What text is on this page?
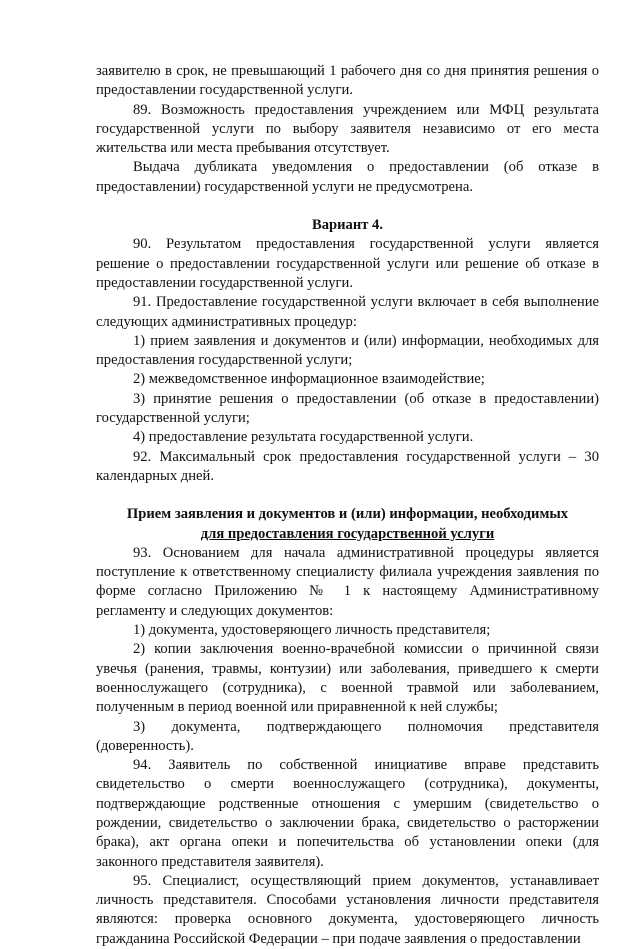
заявителю в срок, не превышающий 1 рабочего дня со дня принятия решения о предоставлении государственной услуги.

89. Возможность предоставления учреждением или МФЦ результата государственной услуги по выбору заявителя независимо от его места жительства или места пребывания отсутствует.

Выдача дубликата уведомления о предоставлении (об отказе в предоставлении) государственной услуги не предусмотрена.

Вариант 4.

90. Результатом предоставления государственной услуги является решение о предоставлении государственной услуги или решение об отказе в предоставлении государственной услуги.

91. Предоставление государственной услуги включает в себя выполнение следующих административных процедур:

1) прием заявления и документов и (или) информации, необходимых для предоставления государственной услуги;

2) межведомственное информационное взаимодействие;

3) принятие решения о предоставлении (об отказе в предоставлении) государственной услуги;

4) предоставление результата государственной услуги.

92. Максимальный срок предоставления государственной услуги – 30 календарных дней.

Прием заявления и документов и (или) информации, необходимых
для предоставления государственной услуги

93. Основанием для начала административной процедуры является поступление к ответственному специалисту филиала учреждения заявления по форме согласно Приложению № 1 к настоящему Административному регламенту и следующих документов:

1) документа, удостоверяющего личность представителя;

2) копии заключения военно-врачебной комиссии о причинной связи увечья (ранения, травмы, контузии) или заболевания, приведшего к смерти военнослужащего (сотрудника), с военной травмой или заболеванием, полученным в период военной или приравненной к ней службы;

3) документа, подтверждающего полномочия представителя (доверенность).

94. Заявитель по собственной инициативе вправе представить свидетельство о смерти военнослужащего (сотрудника), документы, подтверждающие родственные отношения с умершим (свидетельство о рождении, свидетельство о заключении брака, свидетельство о расторжении брака), акт органа опеки и попечительства об установлении опеки (для законного представителя заявителя).

95. Специалист, осуществляющий прием документов, устанавливает личность представителя. Способами установления личности представителя являются: проверка основного документа, удостоверяющего личность гражданина Российской Федерации – при подаче заявления о предоставлении
